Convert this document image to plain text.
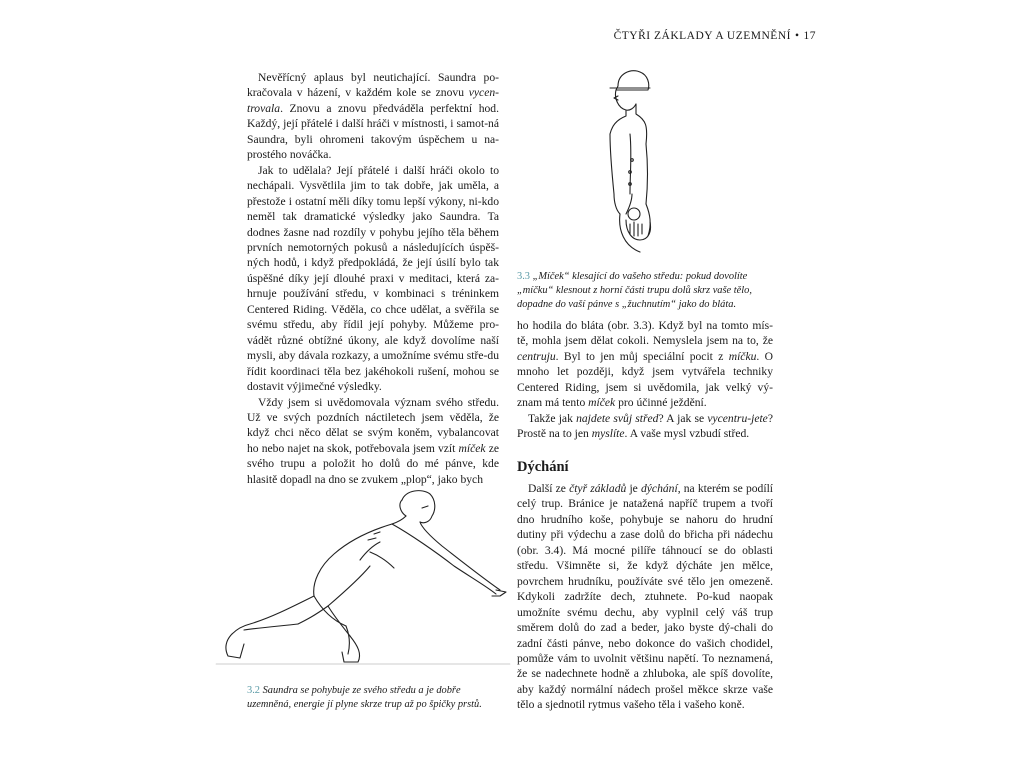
ČTYŘI ZÁKLADY A UZEMNĚNÍ • 17
3.3 „Míček“ klesající do vašeho středu: pokud dovolíte „míčku“ klesnout z horní části trupu dolů skrz vaše tělo, dopadne do vaší pánve s „žuchnutím“ jako do bláta.

Nevěřícný aplaus byl neutichající. Saundra po-kračovala v házení, v každém kole se znovu vycen-trovala. Znovu a znovu předváděla perfektní hod. Každý, její přátelé i další hráči v místnosti, i samot-ná Saundra, byli ohromeni takovým úspěchem u na-prostého nováčka.

Jak to udělala? Její přátelé i další hráči okolo to nechápali. Vysvětlila jim to tak dobře, jak uměla, a přestože i ostatní měli díky tomu lepší výkony, ni-kdo neměl tak dramatické výsledky jako Saundra. Ta dodnes žasne nad rozdíly v pohybu jejího těla během prvních nemotorných pokusů a následujících úspěš-ných hodů, i když předpokládá, že její úsilí bylo tak úspěšné díky její dlouhé praxi v meditaci, která za-hrnuje používání středu, v kombinaci s tréninkem Centered Riding. Věděla, co chce udělat, a svěřila se svému středu, aby řídil její pohyby. Můžeme pro-vádět různé obtížné úkony, ale když dovolíme naší mysli, aby dávala rozkazy, a umožníme svému stře-du řídit koordinaci těla bez jakéhokoli rušení, mohou se dostavit výjimečné výsledky.

Vždy jsem si uvědomovala význam svého středu. Už ve svých pozdních náctiletech jsem věděla, že když chci něco dělat se svým koněm, vybalancovat ho nebo najet na skok, potřebovala jsem vzít míček ze svého trupu a položit ho dolů do mé pánve, kde hlasitě dopadl na dno se zvukem „plop“, jako bych

ho hodila do bláta (obr. 3.3). Když byl na tomto mís-tě, mohla jsem dělat cokoli. Nemyslela jsem na to, že centruju. Byl to jen můj speciální pocit z míčku. O mnoho let později, když jsem vytvářela techniky Centered Riding, jsem si uvědomila, jak velký vý-znam má tento míček pro účinné ježdění.

Takže jak najdete svůj střed? A jak se vycentru-jete? Prostě na to jen myslíte. A vaše mysl vzbudí střed.

Dýchání

Další ze čtyř základů je dýchání, na kterém se podílí celý trup. Bránice je natažená napříč trupem a tvoří dno hrudního koše, pohybuje se nahoru do hrudní dutiny při výdechu a zase dolů do břicha při nádechu (obr. 3.4). Má mocné pilíře táhnoucí se do oblasti středu. Všimněte si, že když dýcháte jen mělce, povrchem hrudníku, používáte své tělo jen omezeně. Kdykoli zadržíte dech, ztuhnete. Po-kud naopak umožníte svému dechu, aby vyplnil celý váš trup směrem dolů do zad a beder, jako byste dý-chali do zadní části pánve, nebo dokonce do vašich chodidel, pomůže vám to uvolnit většinu napětí. To neznamená, že se nadechnete hodně a zhluboka, ale spíš dovolíte, aby každý normální nádech prošel měkce skrze vaše tělo a sjednotil rytmus vašeho těla i vašeho koně.

3.2 Saundra se pohybuje ze svého středu a je dobře uzemněná, energie jí plyne skrze trup až po špičky prstů.
